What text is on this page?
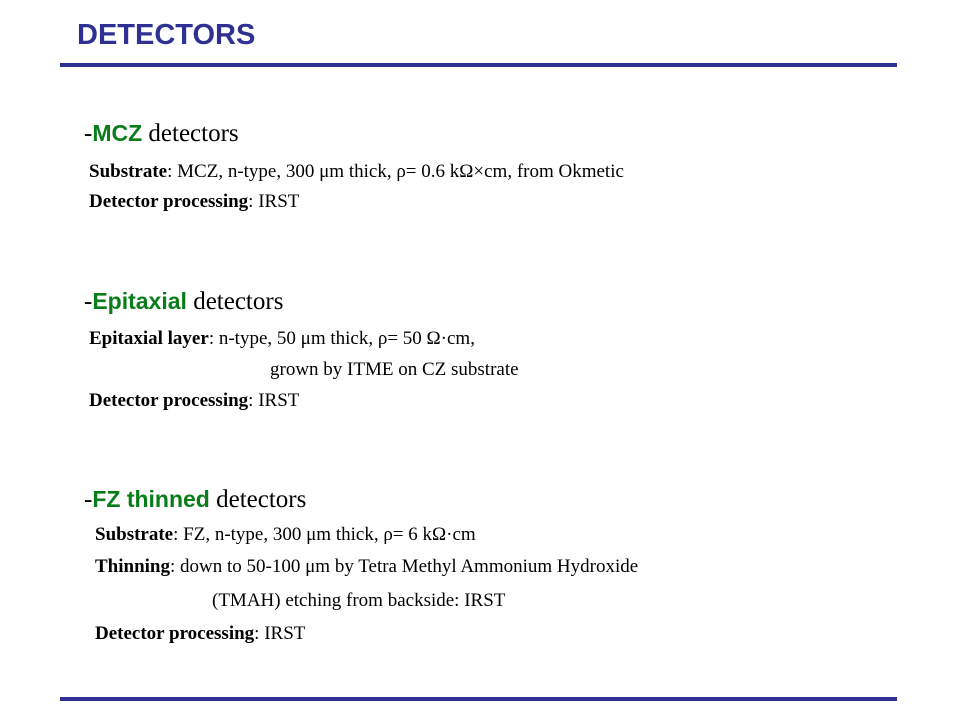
DETECTORS
-MCZ detectors
Substrate: MCZ, n-type, 300 μm thick, ρ= 0.6 kΩ×cm, from Okmetic
Detector processing: IRST
-Epitaxial detectors
Epitaxial layer: n-type, 50 μm thick, ρ= 50 Ω·cm,
grown by ITME on CZ substrate
Detector processing: IRST
-FZ thinned detectors
Substrate: FZ, n-type, 300 μm thick, ρ= 6 kΩ·cm
Thinning: down to 50-100 μm by Tetra Methyl Ammonium Hydroxide
(TMAH) etching from backside: IRST
Detector processing: IRST
